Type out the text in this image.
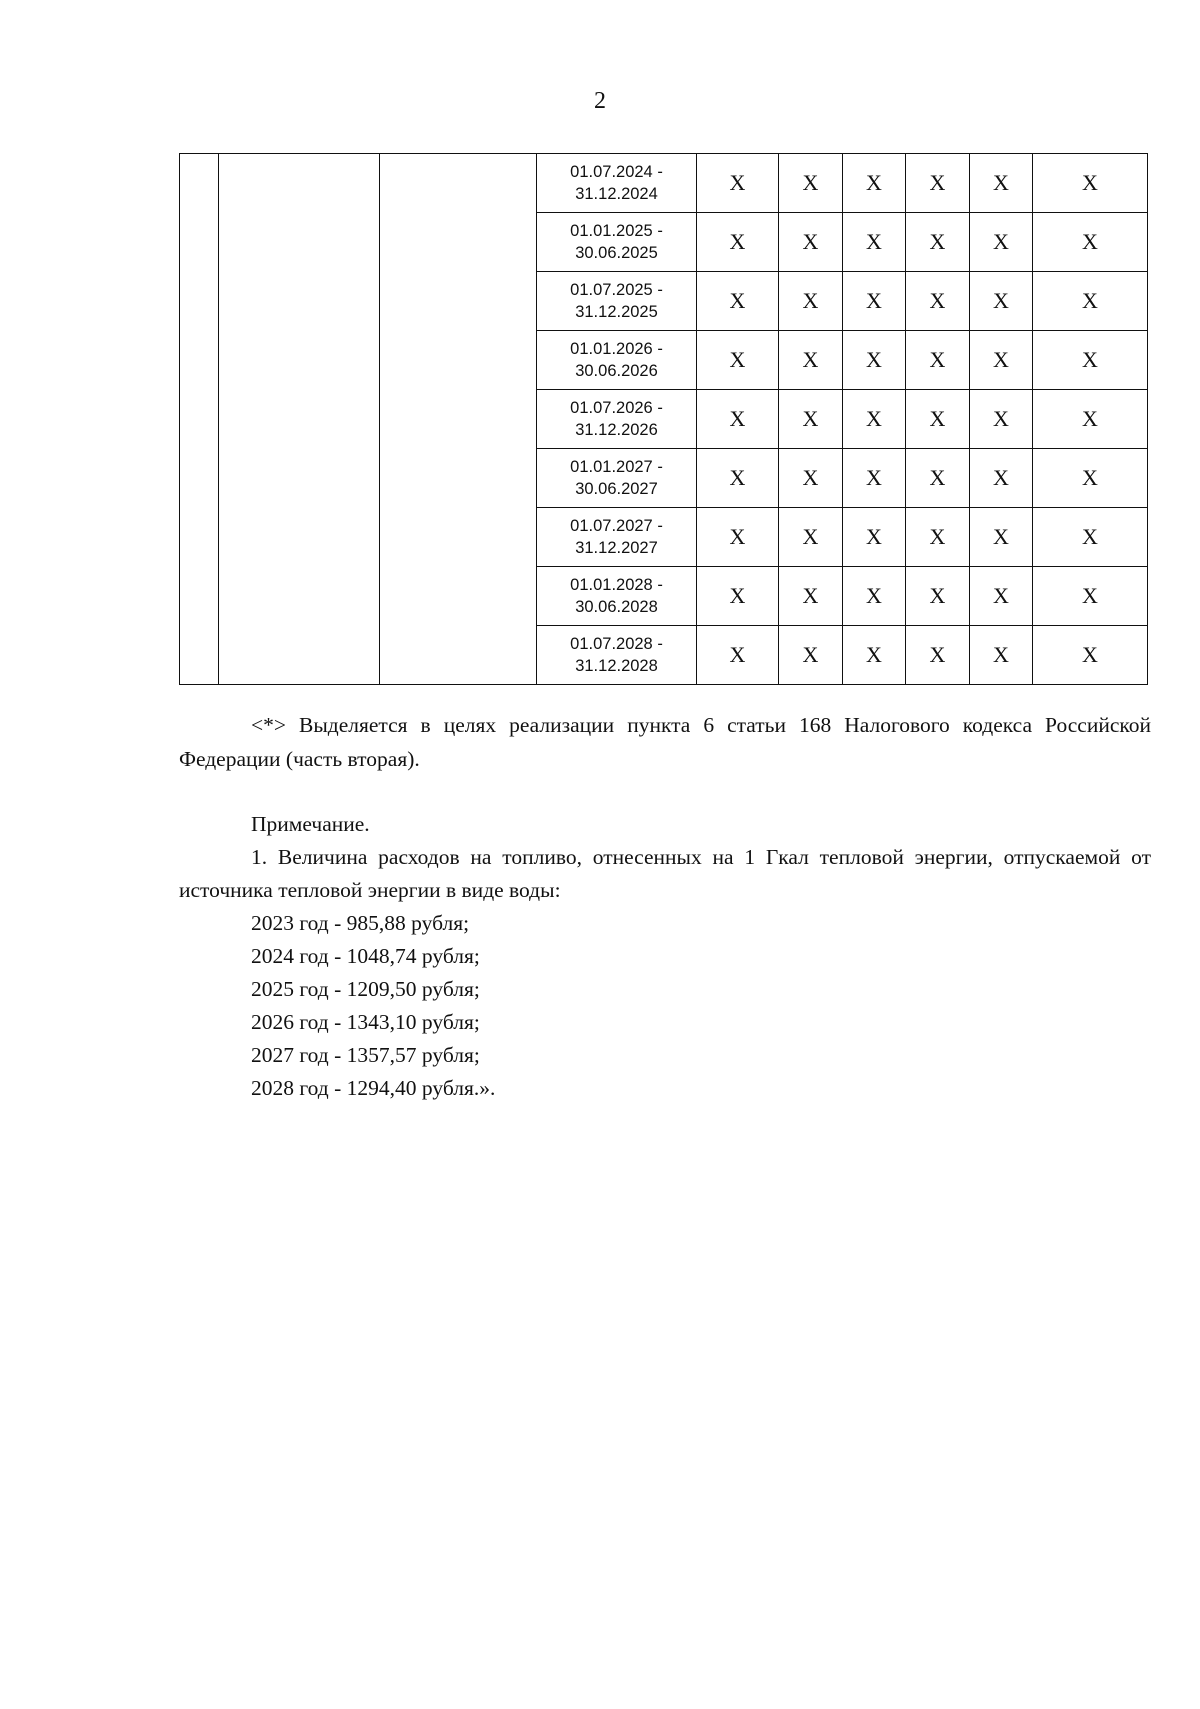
2

			01.07.2024 -
31.12.2024	X	X	X	X	X	X

			01.01.2025 -
30.06.2025	X	X	X	X	X	X

			01.07.2025 -
31.12.2025	X	X	X	X	X	X

			01.01.2026 -
30.06.2026	X	X	X	X	X	X

			01.07.2026 -
31.12.2026	X	X	X	X	X	X

			01.01.2027 -
30.06.2027	X	X	X	X	X	X

			01.07.2027 -
31.12.2027	X	X	X	X	X	X

			01.01.2028 -
30.06.2028	X	X	X	X	X	X

			01.07.2028 -
31.12.2028	X	X	X	X	X	X
<*> Выделяется в целях реализации пункта 6 статьи 168 Налогового кодекса Российской Федерации (часть вторая).
Примечание.
1. Величина расходов на топливо, отнесенных на 1 Гкал тепловой энергии, отпускаемой от источника тепловой энергии в виде воды:
2023 год - 985,88 рубля;
2024 год - 1048,74 рубля;
2025 год - 1209,50 рубля;
2026 год - 1343,10 рубля;
2027 год - 1357,57 рубля;
2028 год - 1294,40 рубля.».
